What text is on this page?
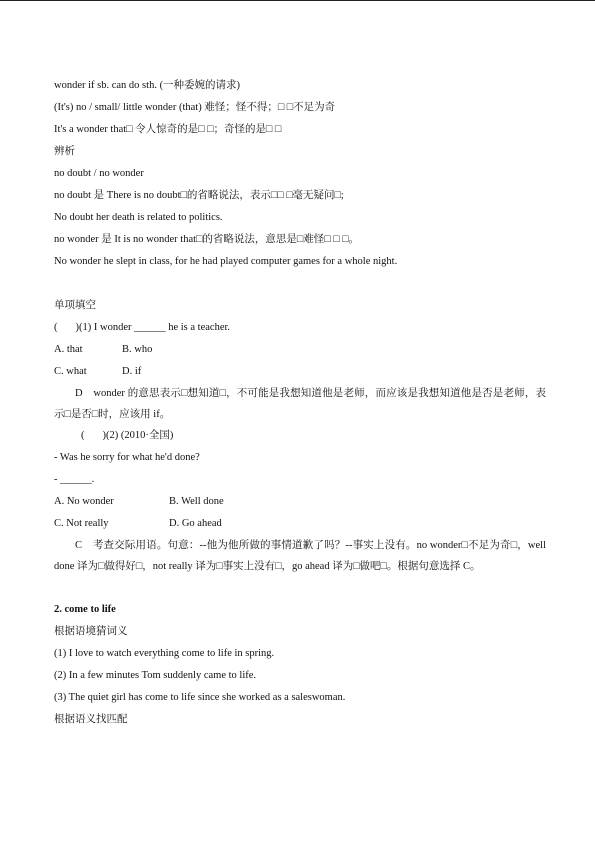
wonder if sb. can do sth. (一种委婉的请求)
(It's) no / small/ little wonder (that) 难怪；怪不得；□ □不足为奇
It's a wonder that□ 令人惊奇的是□ □；奇怪的是□ □
辨析
no doubt / no wonder
no doubt 是 There is no doubt□的省略说法，表示□□ □毫无疑问□;
No doubt her death is related to politics.
no wonder 是 It is no wonder that□的省略说法，意思是□难怪□ □ □。
No wonder he slept in class, for he had played computer games for a whole night.
单项填空
( )(1) I wonder ______ he is a teacher.
A. that	B. who
C. what	D. if
D　wonder 的意思表示□想知道□，不可能是我想知道他是老师，而应该是我想知道他是否是老师，表示□是否□时，应该用 if。
( )(2) (2010·全国)
- Was he sorry for what he'd done?
- ______.
A. No wonder	B. Well done
C. Not really	D. Go ahead
C　考查交际用语。句意：--他为他所做的事情道歉了吗？--事实上没有。no wonder□不足为奇□，well done 译为□做得好□，not really 译为□事实上没有□，go ahead 译为□做吧□。根据句意选择 C。
2. come to life
根据语境猜词义
(1) I love to watch everything come to life in spring.
(2) In a few minutes Tom suddenly came to life.
(3) The quiet girl has come to life since she worked as a saleswoman.
根据语义找匹配
